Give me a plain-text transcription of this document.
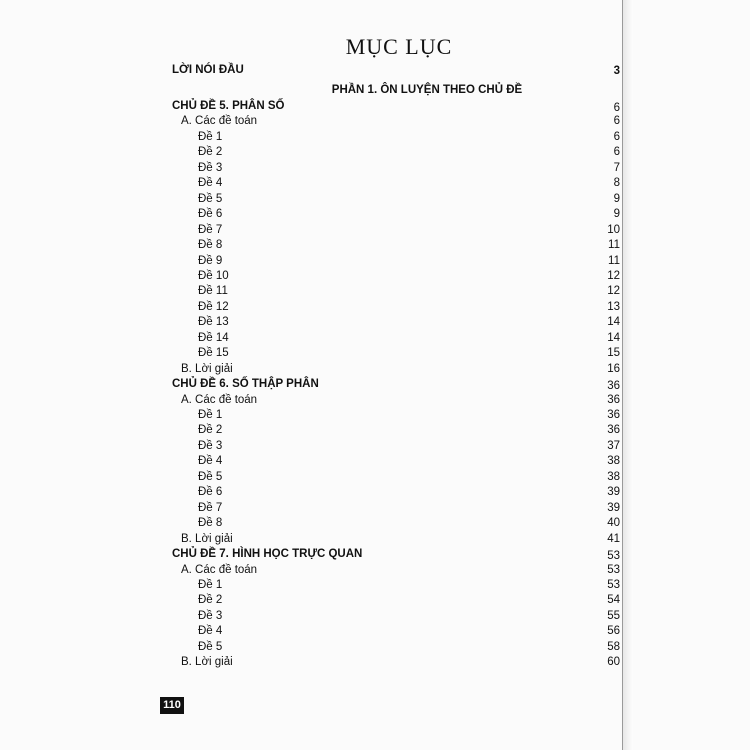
MỤC LỤC
LỜI NÓI ĐẦU	3
PHẦN 1. ÔN LUYỆN THEO CHỦ ĐỀ
CHỦ ĐỀ 5. PHÂN SỐ	6
A. Các đề toán	6
Đề 1	6
Đề 2	6
Đề 3	7
Đề 4	8
Đề 5	9
Đề 6	9
Đề 7	10
Đề 8	11
Đề 9	11
Đề 10	12
Đề 11	12
Đề 12	13
Đề 13	14
Đề 14	14
Đề 15	15
B. Lời giải	16
CHỦ ĐỀ 6. SỐ THẬP PHÂN	36
A. Các đề toán	36
Đề 1	36
Đề 2	36
Đề 3	37
Đề 4	38
Đề 5	38
Đề 6	39
Đề 7	39
Đề 8	40
B. Lời giải	41
CHỦ ĐỀ 7. HÌNH HỌC TRỰC QUAN	53
A. Các đề toán	53
Đề 1	53
Đề 2	54
Đề 3	55
Đề 4	56
Đề 5	58
B. Lời giải	60
110
